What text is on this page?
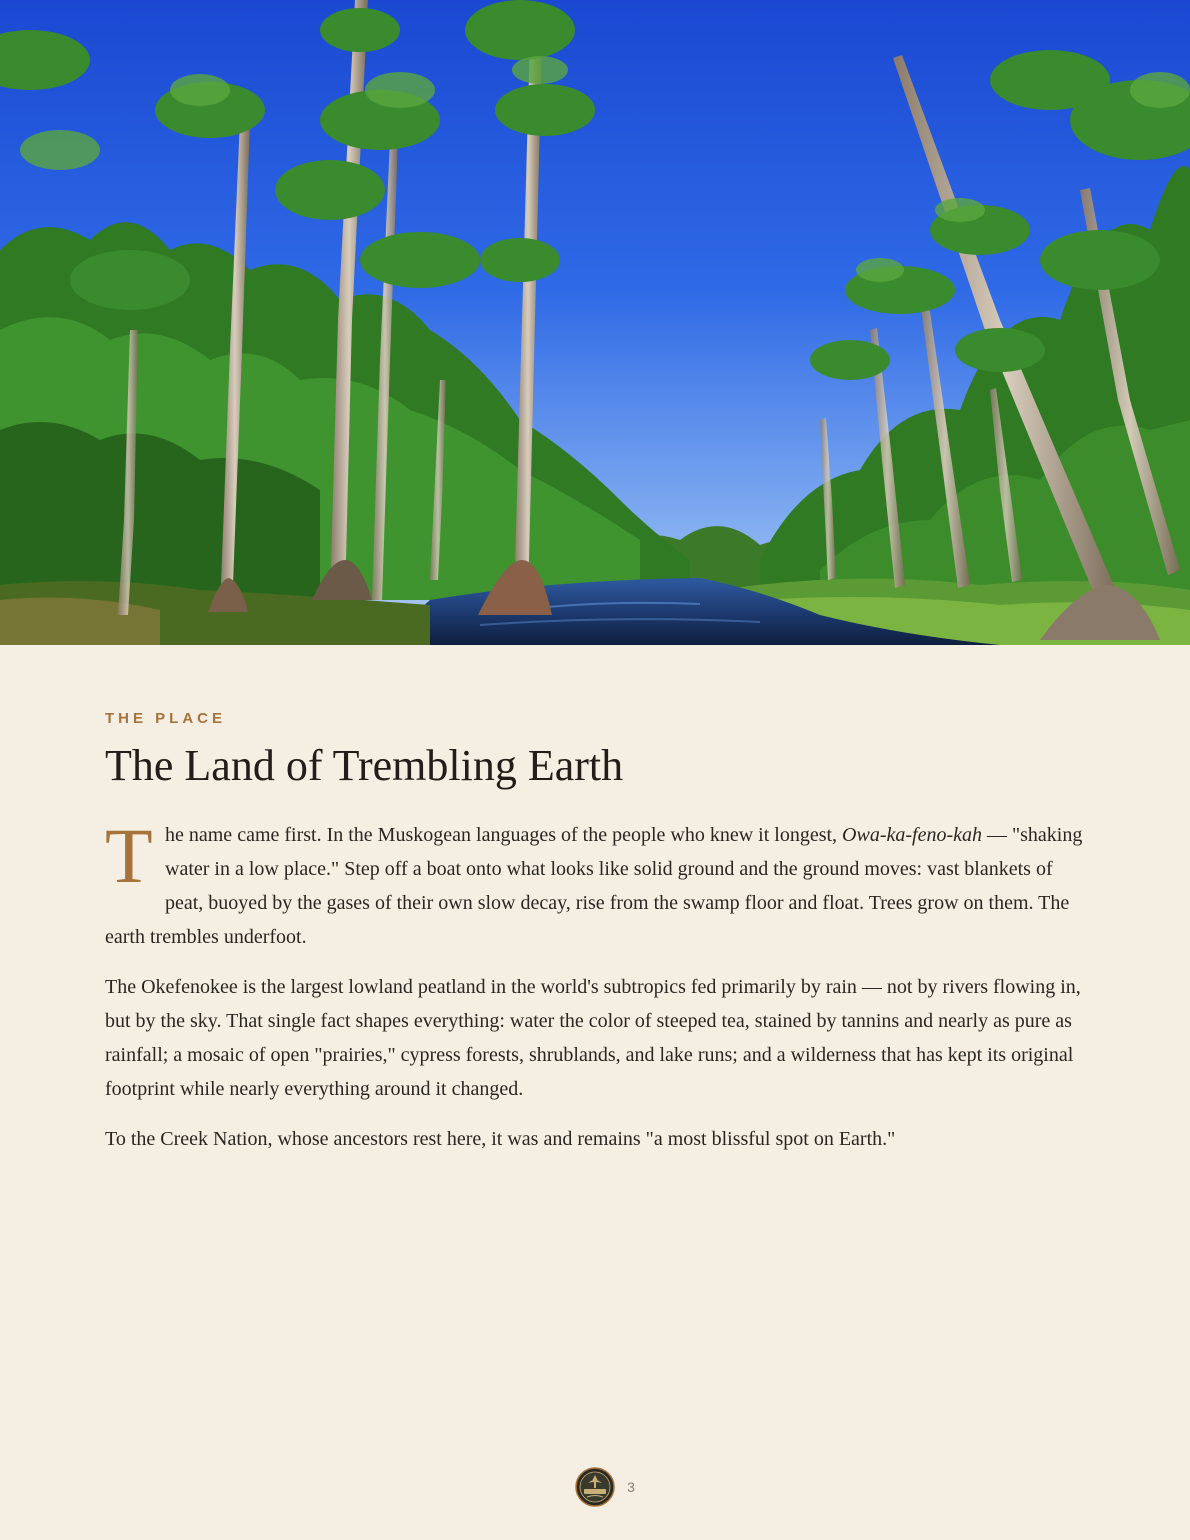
THE PLACE
The Land of Trembling Earth

The name came first. In the Muskogean languages of the people who knew it longest, Owa-ka-feno-kah — "shaking water in a low place." Step off a boat onto what looks like solid ground and the ground moves: vast blankets of peat, buoyed by the gases of their own slow decay, rise from the swamp floor and float. Trees grow on them. The earth trembles underfoot.

The Okefenokee is the largest lowland peatland in the world's subtropics fed primarily by rain — not by rivers flowing in, but by the sky. That single fact shapes everything: water the color of steeped tea, stained by tannins and nearly as pure as rainfall; a mosaic of open "prairies," cypress forests, shrublands, and lake runs; and a wilderness that has kept its original footprint while nearly everything around it changed.

To the Creek Nation, whose ancestors rest here, it was and remains "a most blissful spot on Earth."

3
